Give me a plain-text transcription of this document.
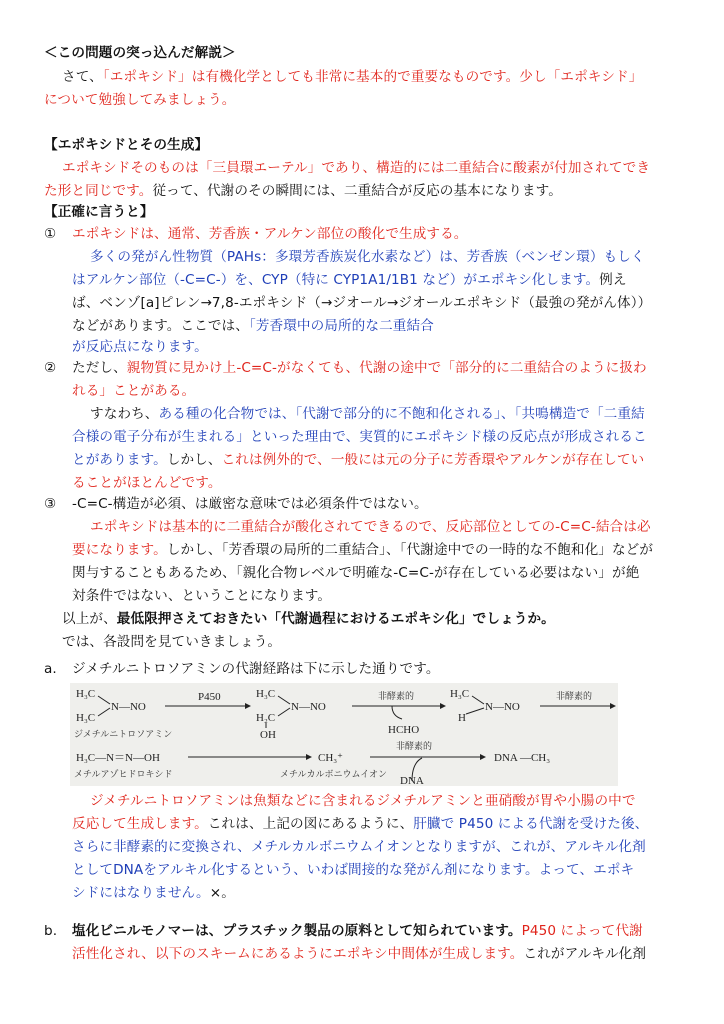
＜この問題の突っ込んだ解説＞
さて、「エポキシド」は有機化学としても非常に基本的で重要なものです。少し「エポキシド」
について勉強してみましょう。
【エポキシドとその生成】
エポキシドそのものは「三員環エーテル」であり、構造的には二重結合に酸素が付加されてでき
た形と同じです。従って、代謝のその瞬間には、二重結合が反応の基本になります。
【正確に言うと】
① エポキシドは、通常、芳香族・アルケン部位の酸化で生成する。
多くの発がん性物質（PAHs：多環芳香族炭化水素など）は、芳香族（ベンゼン環）もしく
はアルケン部位（-C=C-）を、CYP（特に CYP1A1/1B1 など）がエポキシ化します。例え
ば、ベンゾ[a]ピレン→7,8-エポキシド（→ジオール→ジオールエポキシド（最強の発がん体））
などがあります。ここでは、「芳香環中の局所的な二重結合
が反応点になります。
② ただし、親物質に見かけ上-C=C-がなくても、代謝の途中で「部分的に二重結合のように扱わ
れる」ことがある。
すなわち、ある種の化合物では、「代謝で部分的に不飽和化される」、「共鳴構造で「二重結
合様の電子分布が生まれる」といった理由で、実質的にエポキシド様の反応点が形成されるこ
とがあります。しかし、これは例外的で、一般には元の分子に芳香環やアルケンが存在してい
ることがほとんどです。
③ -C=C-構造が必須、は厳密な意味では必須条件ではない。
エポキシドは基本的に二重結合が酸化されてできるので、反応部位としての-C=C-結合は必
要になります。しかし、「芳香環の局所的二重結合」、「代謝途中での一時的な不飽和化」などが
関与することもあるため、「親化合物レベルで明確な-C=C-が存在している必要はない」が絶
対条件ではない、ということになります。
以上が、最低限押さえておきたい「代謝過程におけるエポキシ化」でしょうか。
では、各設問を見ていきましょう。
a. ジメチルニトロソアミンの代謝経路は下に示した通りです。
H₃C
H₃C
N—NO
ジメチルニトロソアミン
P450	H₃C
H₂C
N—NO
OH
非酵素的
HCHO
H₃C
H
N—NO
非酵素的
H₃C—N＝N—OH
メチルアゾヒドロキシド
CH₃⁺
メチルカルボニウムイオン
非酵素的
DNA
DNA —CH₃
ジメチルニトロソアミンは魚類などに含まれるジメチルアミンと亜硝酸が胃や小腸の中で
反応して生成します。これは、上記の図にあるように、肝臓で P450 による代謝を受けた後、
さらに非酵素的に変換され、メチルカルボニウムイオンとなりますが、これが、アルキル化剤
としてDNAをアルキル化するという、いわば間接的な発がん剤になります。よって、エポキ
シドにはなりません。×。
b. 塩化ビニルモノマーは、プラスチック製品の原料として知られています。P450 によって代謝
活性化され、以下のスキームにあるようにエポキシ中間体が生成します。これがアルキル化剤
